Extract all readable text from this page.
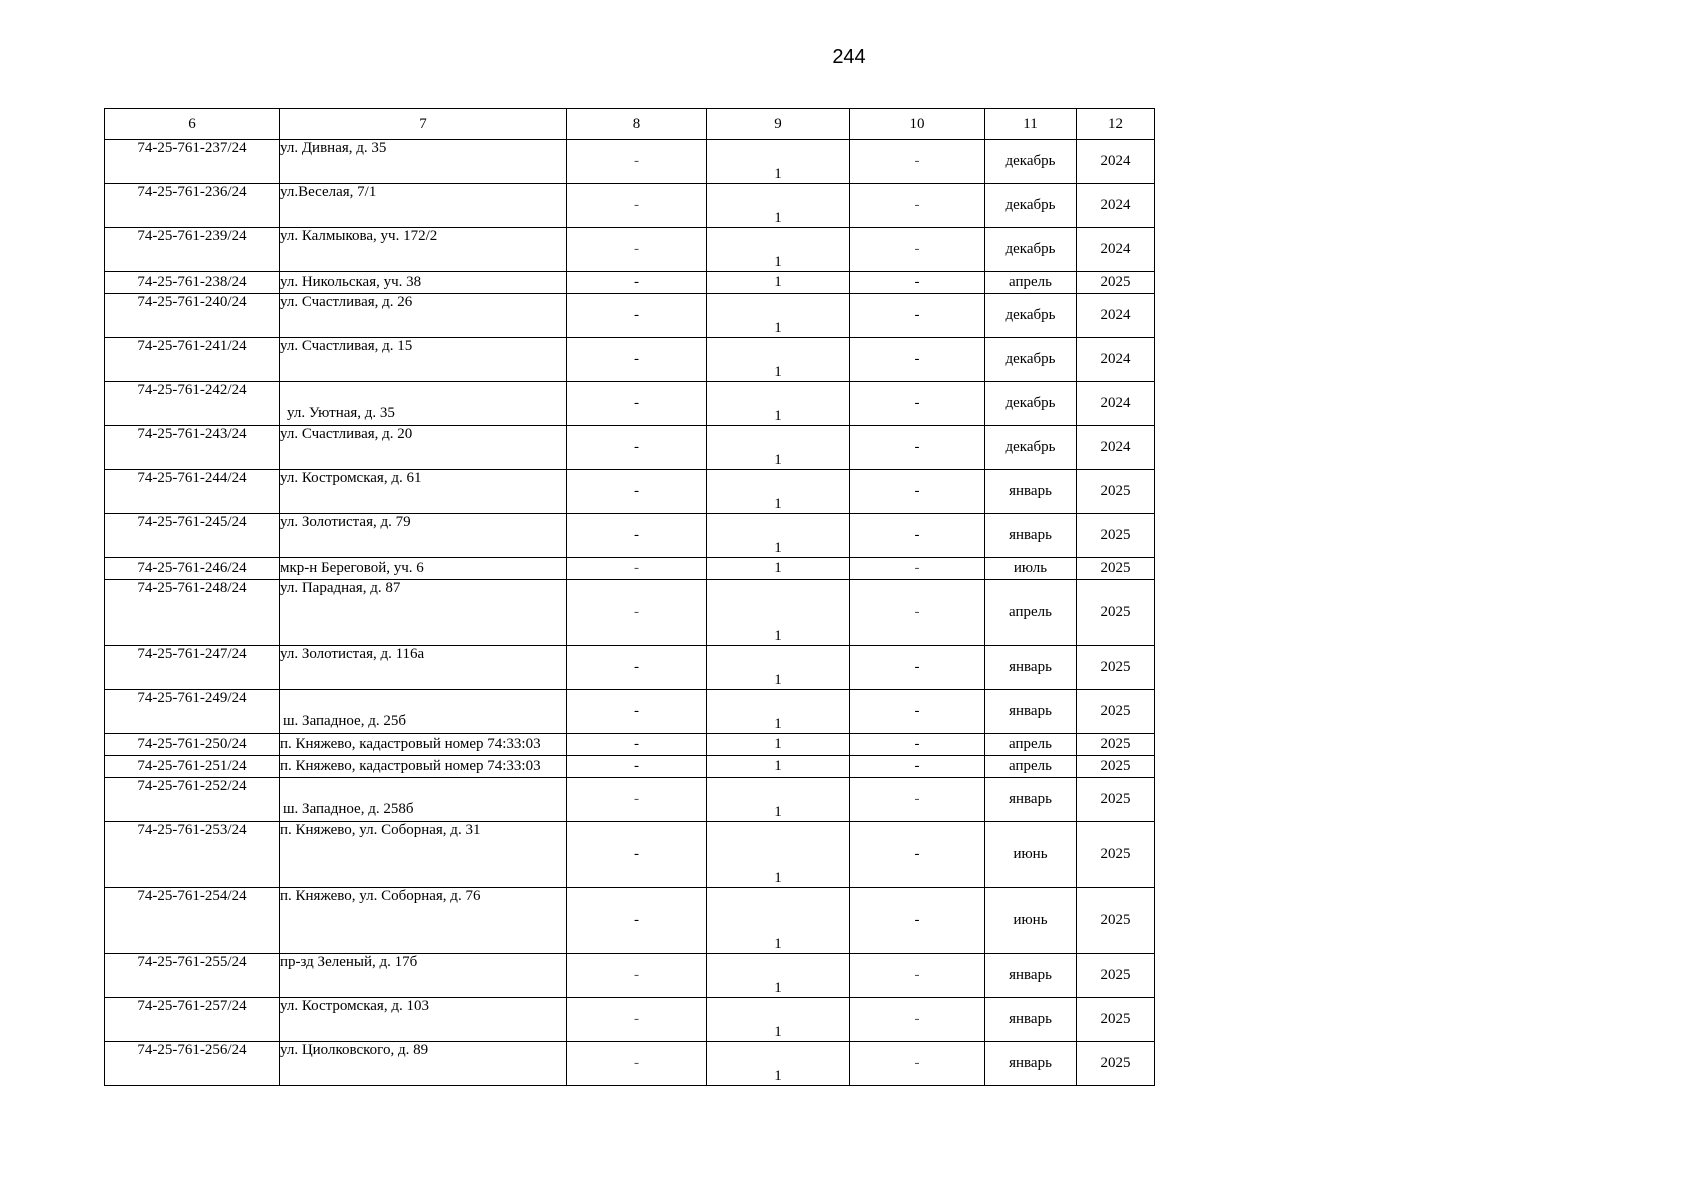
244
6	7	8	9	10	11	12
74-25-761-237/24	ул. Дивная, д. 35	-	1	-	декабрь	2024
74-25-761-236/24	ул.Веселая, 7/1	-	1	-	декабрь	2024
74-25-761-239/24	ул. Калмыкова, уч. 172/2	-	1	-	декабрь	2024
74-25-761-238/24	ул. Никольская, уч. 38	-	1	-	апрель	2025
74-25-761-240/24	ул. Счастливая, д. 26	-	1	-	декабрь	2024
74-25-761-241/24	ул. Счастливая, д. 15	-	1	-	декабрь	2024
74-25-761-242/24	ул. Уютная, д. 35	-	1	-	декабрь	2024
74-25-761-243/24	ул. Счастливая, д. 20	-	1	-	декабрь	2024
74-25-761-244/24	ул. Костромская, д. 61	-	1	-	январь	2025
74-25-761-245/24	ул. Золотистая, д. 79	-	1	-	январь	2025
74-25-761-246/24	мкр-н Береговой, уч. 6	-	1	-	июль	2025
74-25-761-248/24	ул. Парадная, д. 87	-	1	-	апрель	2025
74-25-761-247/24	ул. Золотистая, д. 116а	-	1	-	январь	2025
74-25-761-249/24	ш. Западное, д. 25б	-	1	-	январь	2025
74-25-761-250/24	п. Княжево, кадастровый номер 74:33:03	-	1	-	апрель	2025
74-25-761-251/24	п. Княжево, кадастровый номер 74:33:03	-	1	-	апрель	2025
74-25-761-252/24	ш. Западное, д. 258б	-	1	-	январь	2025
74-25-761-253/24	п. Княжево, ул. Соборная, д. 31	-	1	-	июнь	2025
74-25-761-254/24	п. Княжево, ул. Соборная, д. 76	-	1	-	июнь	2025
74-25-761-255/24	пр-зд Зеленый, д. 17б	-	1	-	январь	2025
74-25-761-257/24	ул. Костромская, д. 103	-	1	-	январь	2025
74-25-761-256/24	ул. Циолковского, д. 89	-	1	-	январь	2025
